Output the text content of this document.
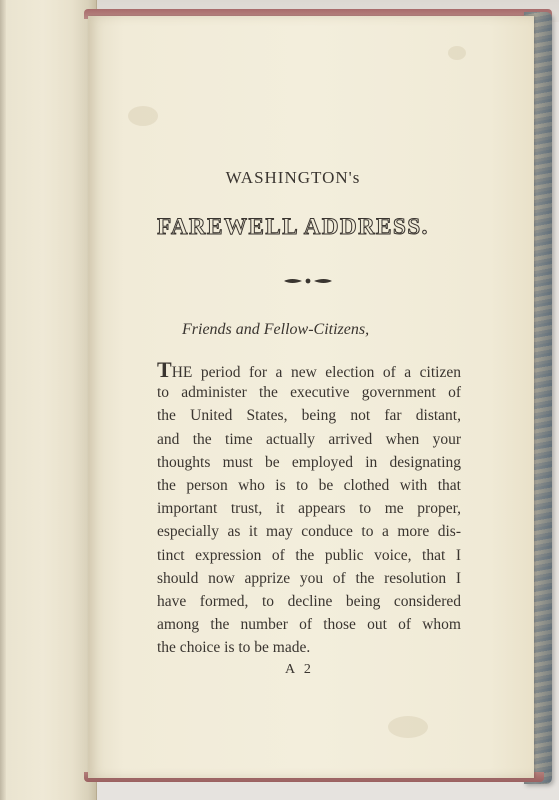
WASHINGTON's
FAREWELL ADDRESS.
Friends and Fellow-Citizens,
THE period for a new election of a citizen
to administer the executive government of
the United States, being not far distant,
and the time actually arrived when your
thoughts must be employed in designating
the person who is to be clothed with that
important trust, it appears to me proper,
especially as it may conduce to a more dis-
tinct expression of the public voice, that I
should now apprize you of the resolution I
have formed, to decline being considered
among the number of those out of whom
the choice is to be made.
A 2
